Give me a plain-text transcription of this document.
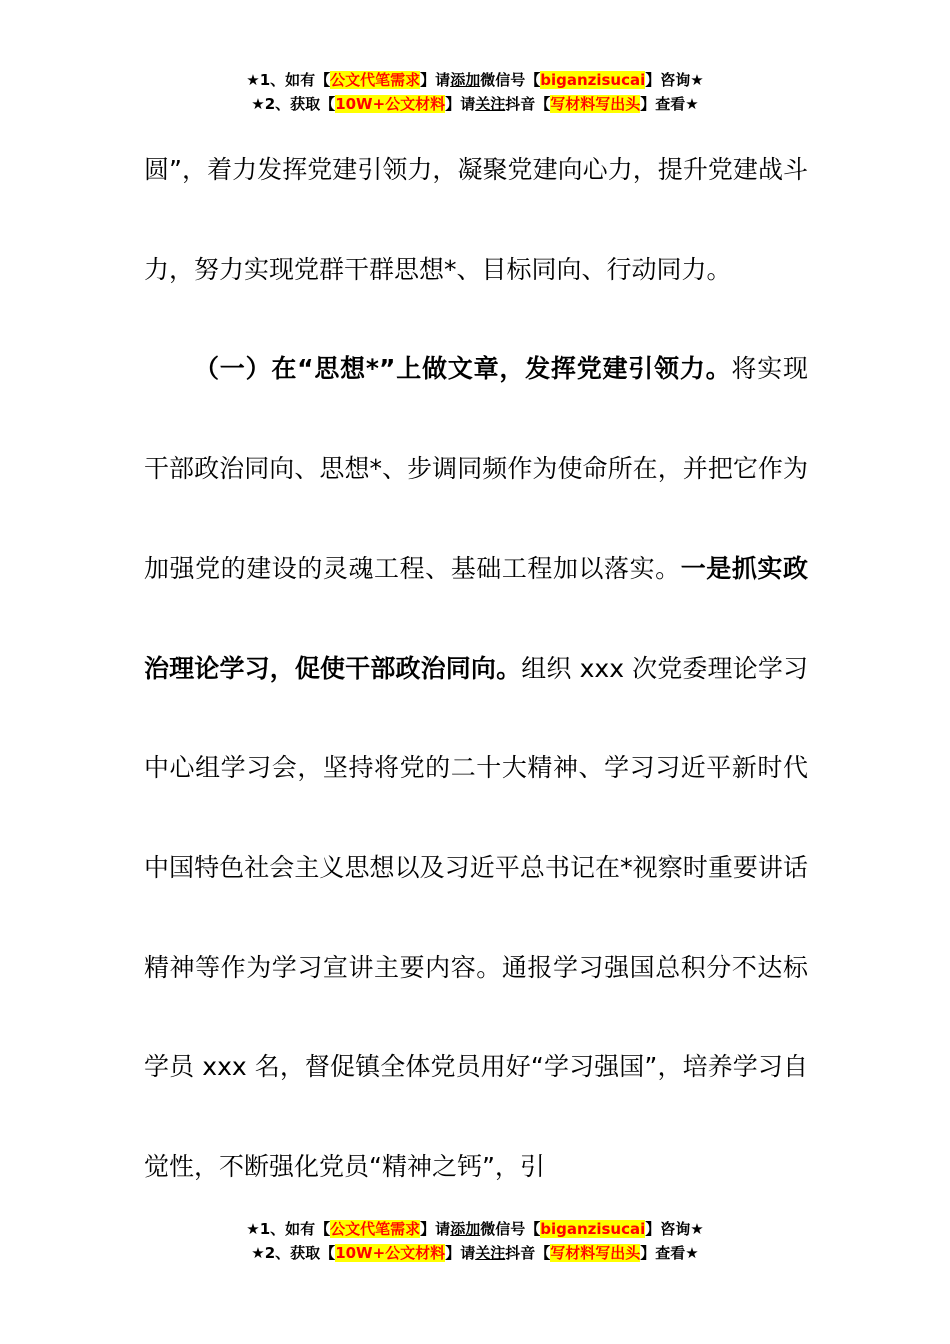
★1、如有【公文代笔需求】请添加微信号【biganzisucai】咨询★
★2、获取【10W+公文材料】请关注抖音【写材料写出头】查看★

圆”，着力发挥党建引领力，凝聚党建向心力，提升党建战斗力，努力实现党群干群思想*、目标同向、行动同力。

（一）在“思想*”上做文章，发挥党建引领力。将实现干部政治同向、思想*、步调同频作为使命所在，并把它作为加强党的建设的灵魂工程、基础工程加以落实。一是抓实政治理论学习，促使干部政治同向。组织 xxx 次党委理论学习中心组学习会，坚持将党的二十大精神、学习习近平新时代中国特色社会主义思想以及习近平总书记在*视察时重要讲话精神等作为学习宣讲主要内容。通报学习强国总积分不达标学员 xxx 名，督促镇全体党员用好“学习强国”，培养学习自觉性，不断强化党员“精神之钙”，引

★1、如有【公文代笔需求】请添加微信号【biganzisucai】咨询★
★2、获取【10W+公文材料】请关注抖音【写材料写出头】查看★
